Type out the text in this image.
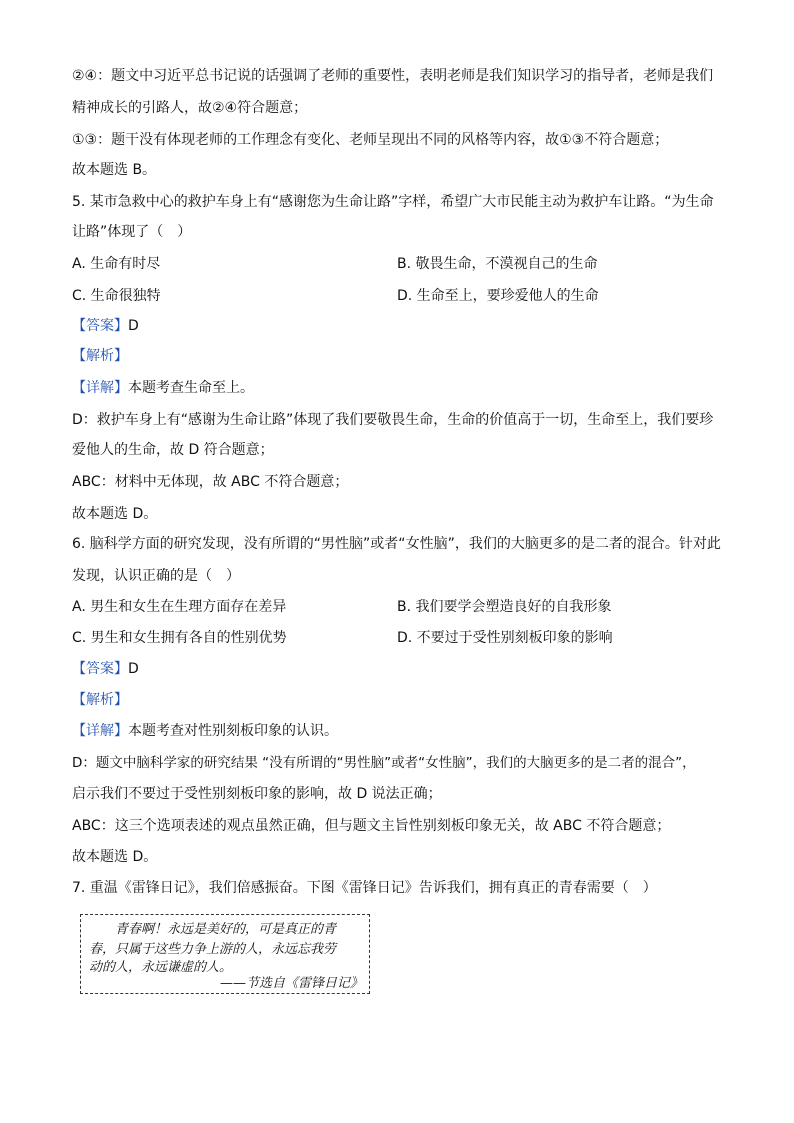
②④：题文中习近平总书记说的话强调了老师的重要性，表明老师是我们知识学习的指导者，老师是我们
精神成长的引路人，故②④符合题意；
①③：题干没有体现老师的工作理念有变化、老师呈现出不同的风格等内容，故①③不符合题意；
故本题选 B。
5. 某市急救中心的救护车身上有“感谢您为生命让路”字样，希望广大市民能主动为救护车让路。“为生命
让路”体现了（　）
A. 生命有时尽	B. 敬畏生命，不漠视自己的生命
C. 生命很独特	D. 生命至上，要珍爱他人的生命
【答案】D
【解析】
【详解】本题考查生命至上。
D：救护车身上有“感谢为生命让路”体现了我们要敬畏生命，生命的价值高于一切，生命至上，我们要珍
爱他人的生命，故 D 符合题意；
ABC：材料中无体现，故 ABC 不符合题意；
故本题选 D。
6. 脑科学方面的研究发现，没有所谓的“男性脑”或者“女性脑”，我们的大脑更多的是二者的混合。针对此
发现，认识正确的是（　）
A. 男生和女生在生理方面存在差异	B. 我们要学会塑造良好的自我形象
C. 男生和女生拥有各自的性别优势	D. 不要过于受性别刻板印象的影响
【答案】D
【解析】
【详解】本题考查对性别刻板印象的认识。
D：题文中脑科学家的研究结果 “没有所谓的“男性脑”或者“女性脑”，我们的大脑更多的是二者的混合”，
启示我们不要过于受性别刻板印象的影响，故 D 说法正确；
ABC：这三个选项表述的观点虽然正确，但与题文主旨性别刻板印象无关，故 ABC 不符合题意；
故本题选 D。
7. 重温《雷锋日记》，我们倍感振奋。下图《雷锋日记》告诉我们，拥有真正的青春需要（　）
青春啊！永远是美好的，可是真正的青
春，只属于这些力争上游的人，永远忘我劳
动的人，永远谦虚的人。
——节选自《雷锋日记》
